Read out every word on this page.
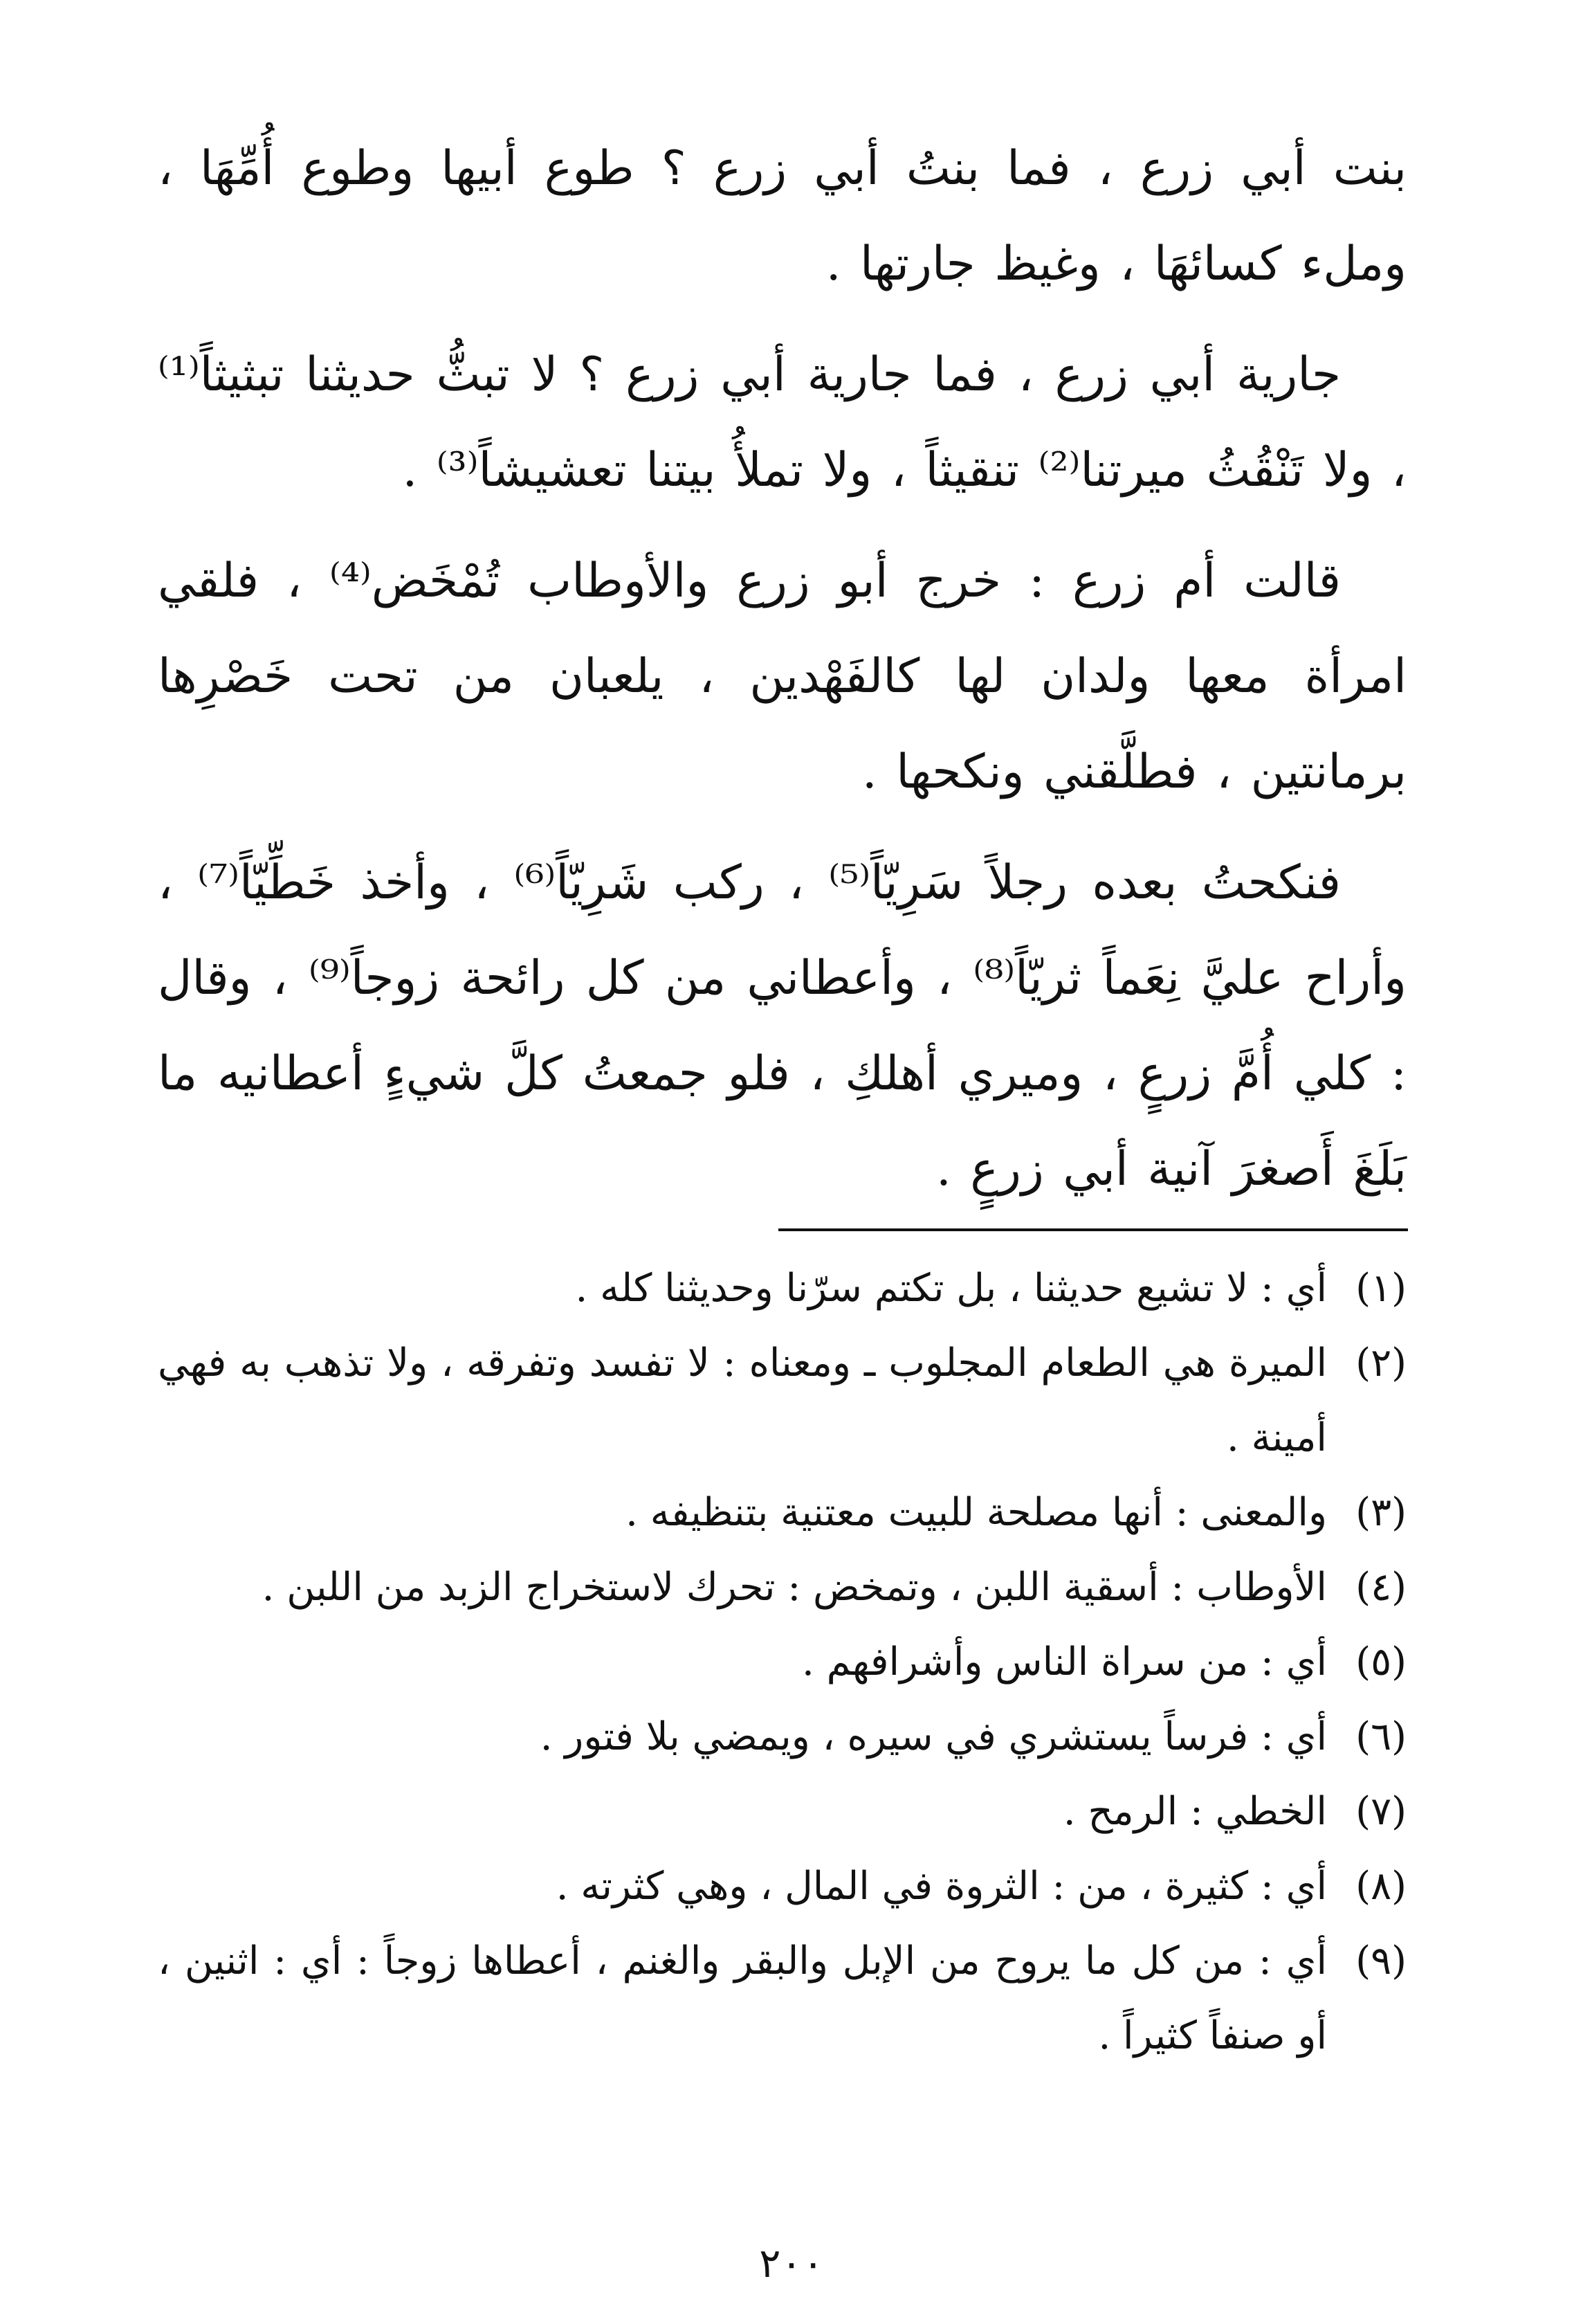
بنت أبي زرع ، فما بنتُ أبي زرع ؟ طوع أبيها وطوع أُمِّهَا ، وملء كسائهَا ، وغيظ جارتها .

جارية أبي زرع ، فما جارية أبي زرع ؟ لا تبثُّ حديثنا تبثيثاً⁽¹⁾ ، ولا تَنْقُثُ ميرتنا⁽²⁾ تنقيثاً ، ولا تملأُ بيتنا تعشيشاً⁽³⁾ .

قالت أم زرع : خرج أبو زرع والأوطاب تُمْخَض⁽⁴⁾ ، فلقي امرأة معها ولدان لها كالفَهْدين ، يلعبان من تحت خَصْرِها برمانتين ، فطلَّقني ونكحها .

فنكحتُ بعده رجلاً سَرِيّاً⁽⁵⁾ ، ركب شَرِيّاً⁽⁶⁾ ، وأخذ خَطِّيّاً⁽⁷⁾ ، وأراح عليَّ نِعَماً ثريّاً⁽⁸⁾ ، وأعطاني من كل رائحة زوجاً⁽⁹⁾ ، وقال : كلي أُمَّ زرعٍ ، وميري أهلكِ ، فلو جمعتُ كلَّ شيءٍ أعطانيه ما بَلَغَ أَصغرَ آنية أبي زرعٍ .

(١)
أي : لا تشيع حديثنا ، بل تكتم سرّنا وحديثنا كله .
(٢)
الميرة هي الطعام المجلوب ـ ومعناه : لا تفسد وتفرقه ، ولا تذهب به فهي أمينة .
(٣)
والمعنى : أنها مصلحة للبيت معتنية بتنظيفه .
(٤)
الأوطاب : أسقية اللبن ، وتمخض : تحرك لاستخراج الزبد من اللبن .
(٥)
أي : من سراة الناس وأشرافهم .
(٦)
أي : فرساً يستشري في سيره ، ويمضي بلا فتور .
(٧)
الخطي : الرمح .
(٨)
أي : كثيرة ، من : الثروة في المال ، وهي كثرته .
(٩)
أي : من كل ما يروح من الإبل والبقر والغنم ، أعطاها زوجاً : أي : اثنين ، أو صنفاً كثيراً .
٢٠٠
